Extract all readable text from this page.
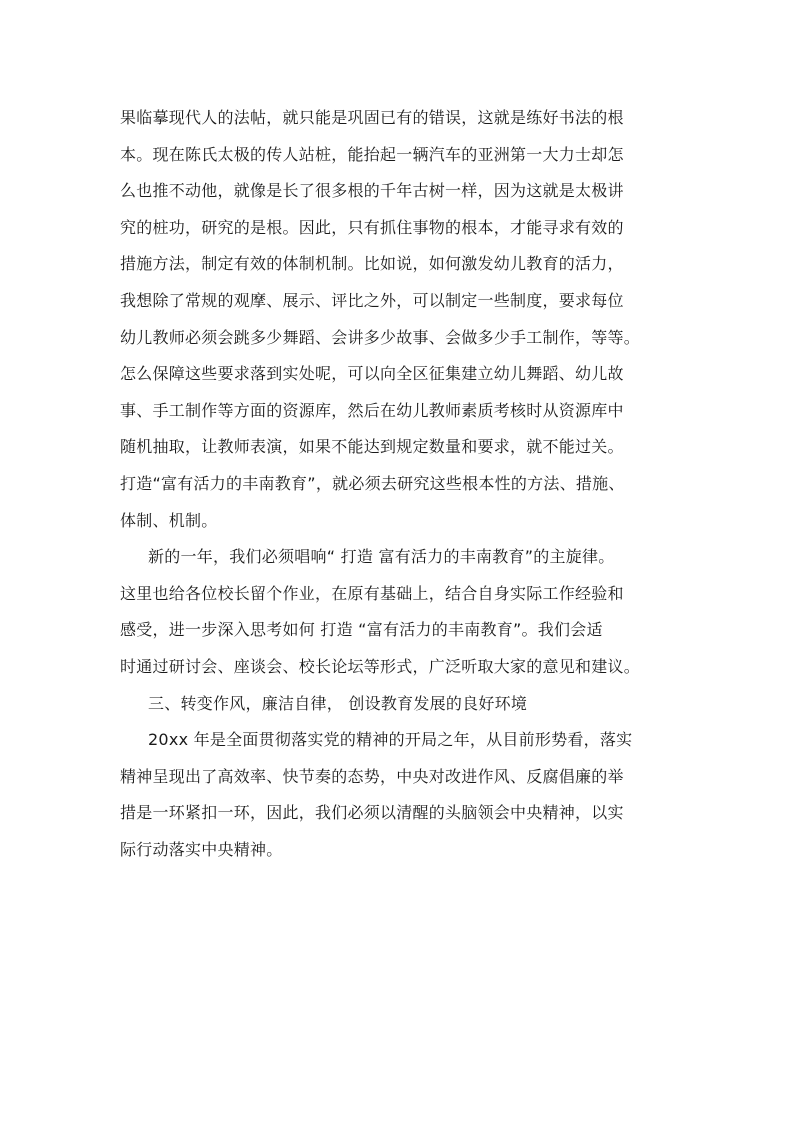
果临摹现代人的法帖，就只能是巩固已有的错误，这就是练好书法的根
本。现在陈氏太极的传人站桩，能抬起一辆汽车的亚洲第一大力士却怎
么也推不动他，就像是长了很多根的千年古树一样，因为这就是太极讲
究的桩功，研究的是根。因此，只有抓住事物的根本，才能寻求有效的
措施方法，制定有效的体制机制。比如说，如何激发幼儿教育的活力，
我想除了常规的观摩、展示、评比之外，可以制定一些制度，要求每位
幼儿教师必须会跳多少舞蹈、会讲多少故事、会做多少手工制作，等等。
怎么保障这些要求落到实处呢，可以向全区征集建立幼儿舞蹈、幼儿故
事、手工制作等方面的资源库，然后在幼儿教师素质考核时从资源库中
随机抽取，让教师表演，如果不能达到规定数量和要求，就不能过关。
打造“富有活力的丰南教育”，就必须去研究这些根本性的方法、措施、
体制、机制。
新的一年，我们必须唱响“ 打造 富有活力的丰南教育”的主旋律。
这里也给各位校长留个作业，在原有基础上，结合自身实际工作经验和
感受，进一步深入思考如何 打造 “富有活力的丰南教育”。我们会适
时通过研讨会、座谈会、校长论坛等形式，广泛听取大家的意见和建议。
三、转变作风，廉洁自律， 创设教育发展的良好环境
20xx 年是全面贯彻落实党的精神的开局之年，从目前形势看，落实
精神呈现出了高效率、快节奏的态势，中央对改进作风、反腐倡廉的举
措是一环紧扣一环，因此，我们必须以清醒的头脑领会中央精神，以实
际行动落实中央精神。
